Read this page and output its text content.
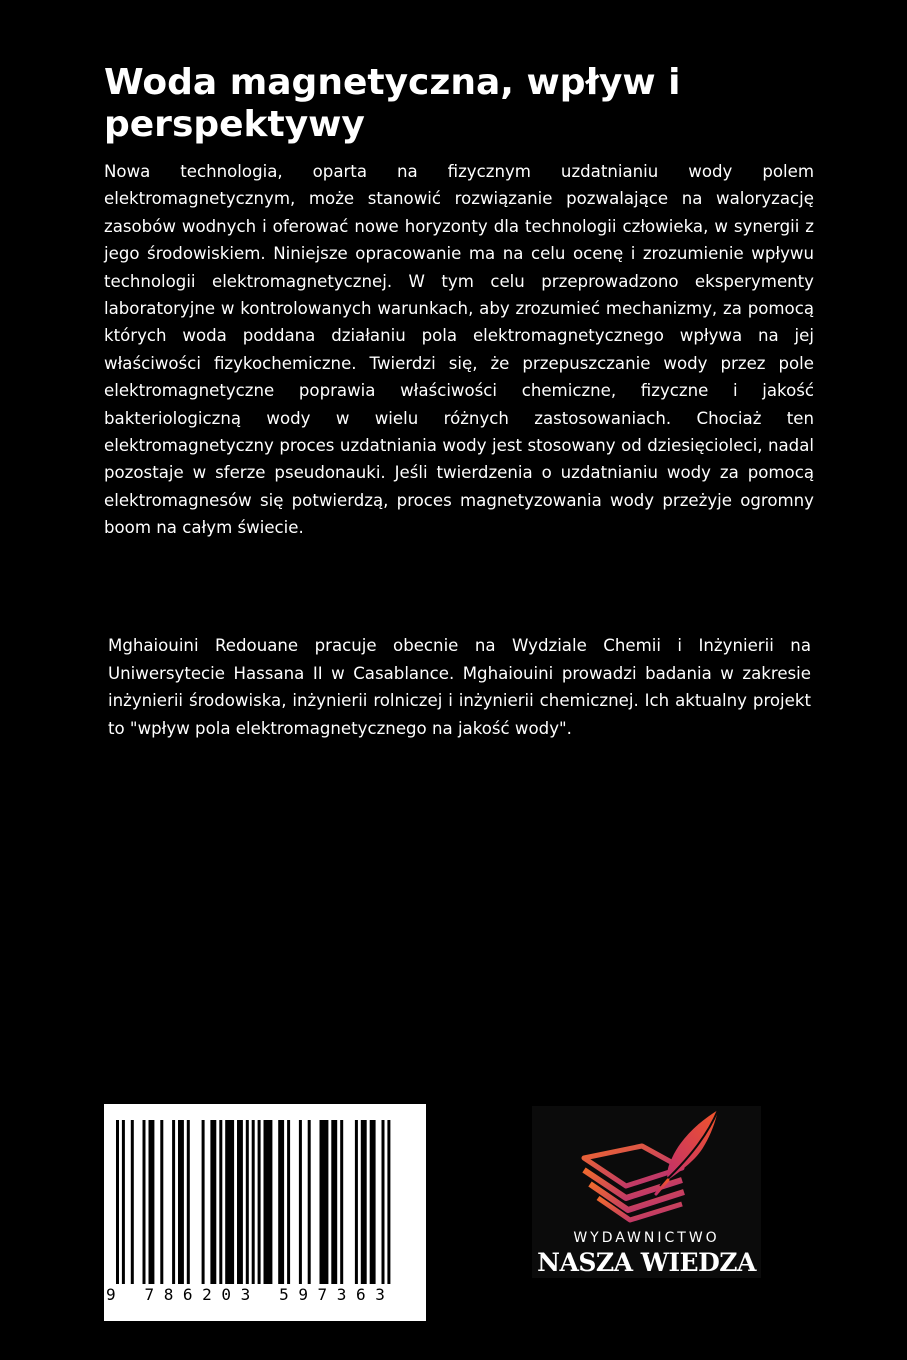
Woda magnetyczna, wpływ i perspektywy

Nowa technologia, oparta na fizycznym uzdatnianiu wody polem elektromagnetycznym, może stanowić rozwiązanie pozwalające na waloryzację zasobów wodnych i oferować nowe horyzonty dla technologii człowieka, w synergii z jego środowiskiem. Niniejsze opracowanie ma na celu ocenę i zrozumienie wpływu technologii elektromagnetycznej. W tym celu przeprowadzono eksperymenty laboratoryjne w kontrolowanych warunkach, aby zrozumieć mechanizmy, za pomocą których woda poddana działaniu pola elektromagnetycznego wpływa na jej właściwości fizykochemiczne. Twierdzi się, że przepuszczanie wody przez pole elektromagnetyczne poprawia właściwości chemiczne, fizyczne i jakość bakteriologiczną wody w wielu różnych zastosowaniach. Chociaż ten elektromagnetyczny proces uzdatniania wody jest stosowany od dziesięcioleci, nadal pozostaje w sferze pseudonauki. Jeśli twierdzenia o uzdatnianiu wody za pomocą elektromagnesów się potwierdzą, proces magnetyzowania wody przeżyje ogromny boom na całym świecie.

Mghaiouini Redouane pracuje obecnie na Wydziale Chemii i Inżynierii na Uniwersytecie Hassana II w Casablance. Mghaiouini prowadzi badania w zakresie inżynierii środowiska, inżynierii rolniczej i inżynierii chemicznej. Ich aktualny projekt to "wpływ pola elektromagnetycznego na jakość wody".

9 786203 597363
WYDAWNICTWO
NASZA WIEDZA
